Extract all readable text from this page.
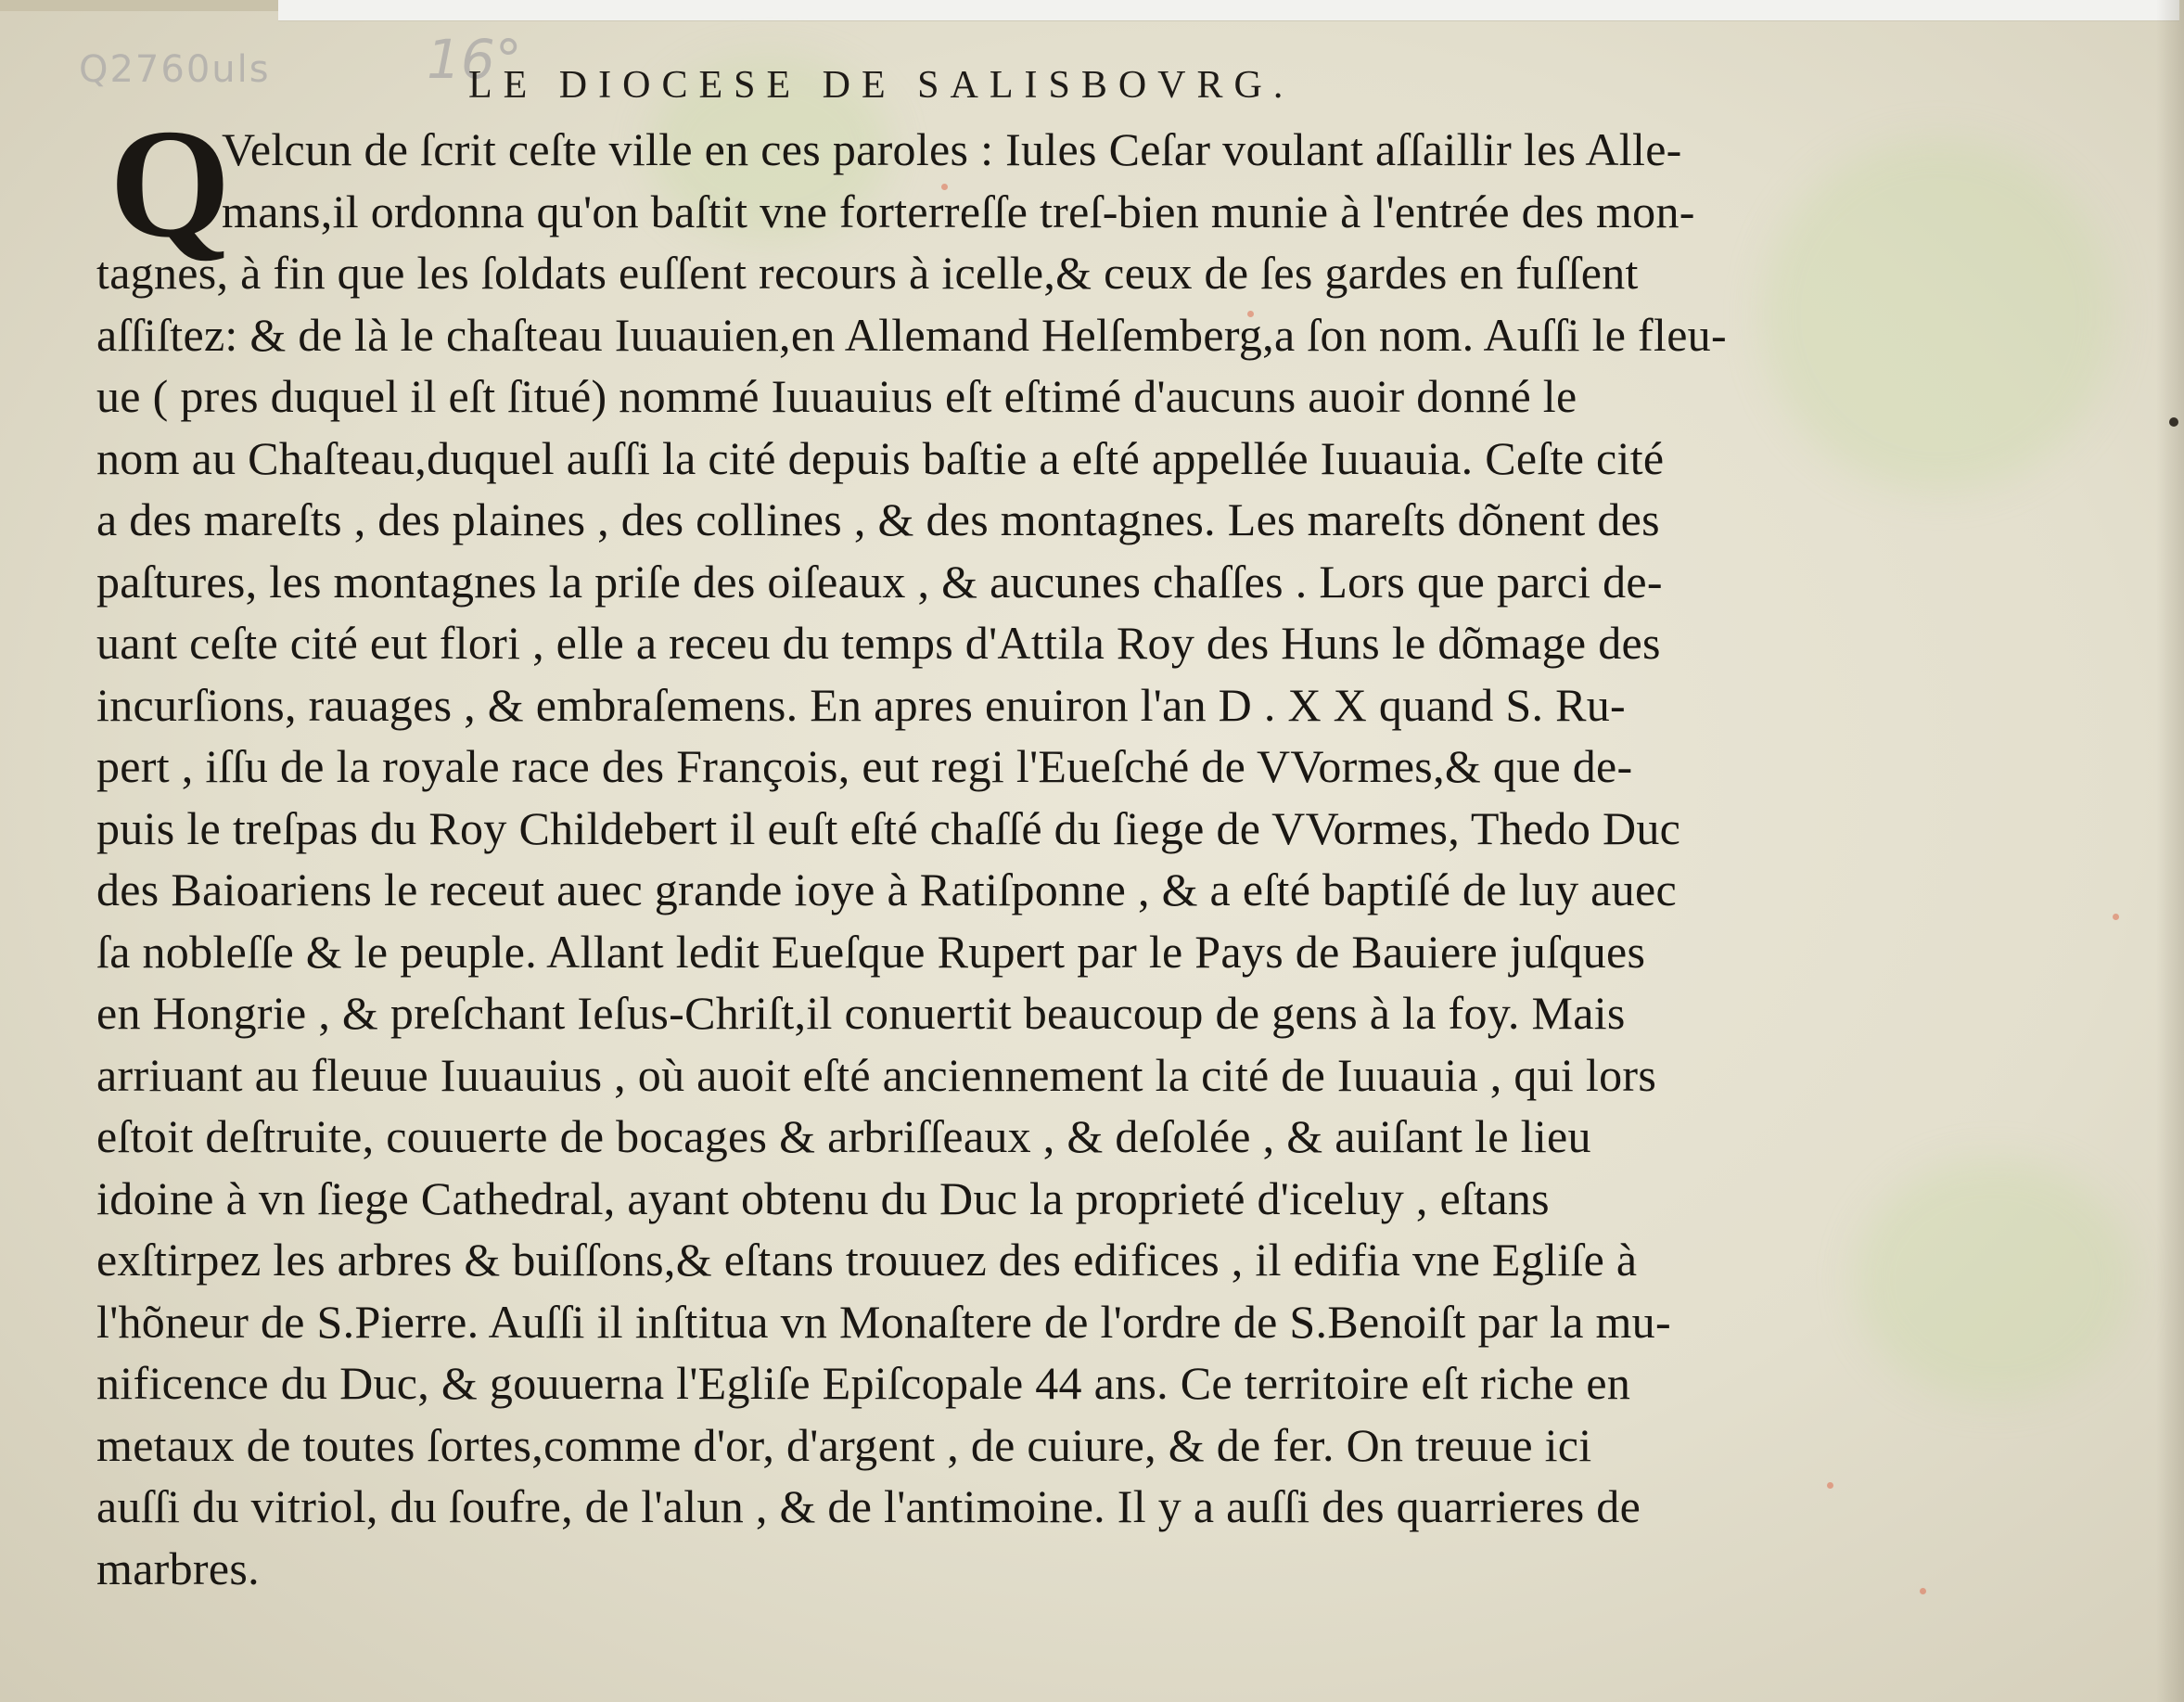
Q2760uls	16°
LE DIOCESE DE SALISBOVRG.
Q
Velcun de ſcrit ceſte ville en ces paroles : Iules Ceſar voulant aſſaillir les Alle-
mans,il ordonna qu'on baſtit vne forterreſſe treſ-bien munie à l'entrée des mon-
tagnes, à fin que les ſoldats euſſent recours à icelle,& ceux de ſes gardes en fuſſent
aſſiſtez: & de là le chaſteau Iuuauien,en Allemand Helſemberg,a ſon nom. Auſſi le fleu-
ue ( pres duquel il eſt ſitué) nommé Iuuauius eſt eſtimé d'aucuns auoir donné le
nom au Chaſteau,duquel auſſi la cité depuis baſtie a eſté appellée Iuuauia. Ceſte cité
a des mareſts , des plaines , des collines , & des montagnes. Les mareſts dõnent des
paſtures, les montagnes la priſe des oiſeaux , & aucunes chaſſes . Lors que parci de-
uant ceſte cité eut flori , elle a receu du temps d'Attila Roy des Huns le dõmage des
incurſions, rauages , & embraſemens. En apres enuiron l'an D . X X quand S. Ru-
pert , iſſu de la royale race des François, eut regi l'Eueſché de VVormes,& que de-
puis le treſpas du Roy Childebert il euſt eſté chaſſé du ſiege de VVormes, Thedo Duc
des Baioariens le receut auec grande ioye à Ratiſponne , & a eſté baptiſé de luy auec
ſa nobleſſe & le peuple. Allant ledit Eueſque Rupert par le Pays de Bauiere juſques
en Hongrie , & preſchant Ieſus-Chriſt,il conuertit beaucoup de gens à la foy. Mais
arriuant au fleuue Iuuauius , où auoit eſté anciennement la cité de Iuuauia , qui lors
eſtoit deſtruite, couuerte de bocages & arbriſſeaux , & deſolée , & auiſant le lieu
idoine à vn ſiege Cathedral, ayant obtenu du Duc la proprieté d'iceluy , eſtans
exſtirpez les arbres & buiſſons,& eſtans trouuez des edifices , il edifia vne Egliſe à
l'hõneur de S.Pierre. Auſſi il inſtitua vn Monaſtere de l'ordre de S.Benoiſt par la mu-
nificence du Duc, & gouuerna l'Egliſe Epiſcopale 44 ans. Ce territoire eſt riche en
metaux de toutes ſortes,comme d'or, d'argent , de cuiure, & de fer. On treuue ici
auſſi du vitriol, du ſoufre, de l'alun , & de l'antimoine. Il y a auſſi des quarrieres de
marbres.
